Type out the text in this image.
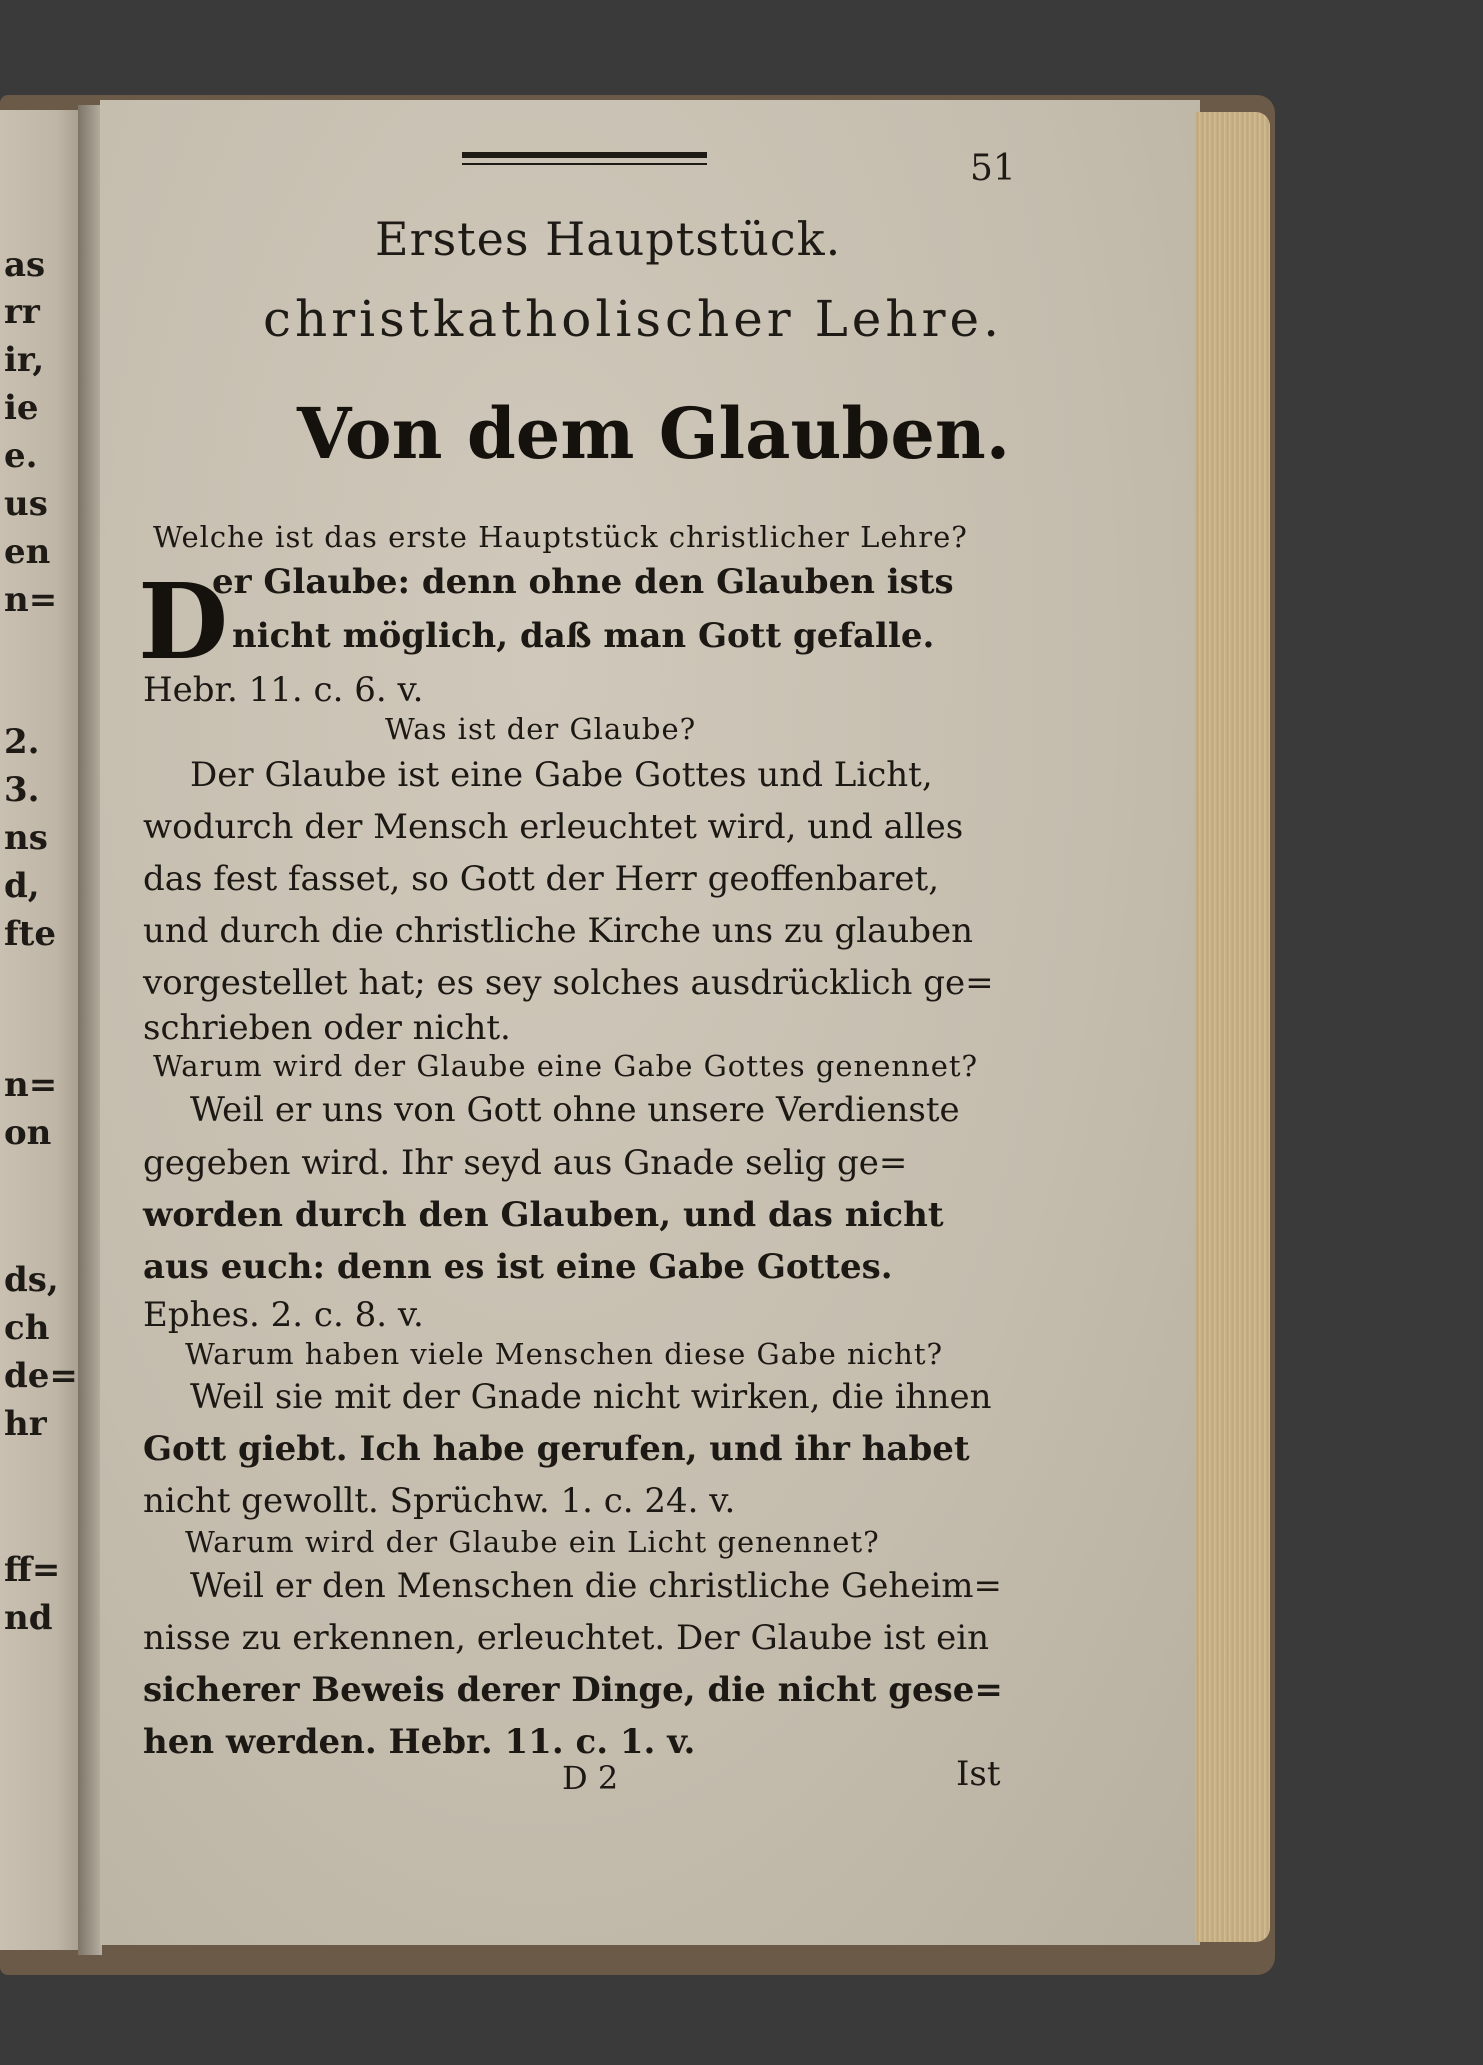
as
rr
ir,
ie
e.
us
en
n=
2.
3.
ns
d,
fte
n=
on
ds,
ch
de=
hr
ff=
nd
51
Erstes Hauptstück.
christkatholischer Lehre.
Von dem Glauben.
Welche ist das erste Hauptstück christlicher Lehre?
D
er Glaube: denn ohne den Glauben ists
nicht möglich, daß man Gott gefalle.
Hebr. 11. c. 6. v.
Was ist der Glaube?
Der Glaube ist eine Gabe Gottes und Licht,
wodurch der Mensch erleuchtet wird, und alles
das fest fasset, so Gott der Herr geoffenbaret,
und durch die christliche Kirche uns zu glauben
vorgestellet hat; es sey solches ausdrücklich ge=
schrieben oder nicht.
Warum wird der Glaube eine Gabe Gottes genennet?
Weil er uns von Gott ohne unsere Verdienste
gegeben wird. Ihr seyd aus Gnade selig ge=
worden durch den Glauben, und das nicht
aus euch: denn es ist eine Gabe Gottes.
Ephes. 2. c. 8. v.
Warum haben viele Menschen diese Gabe nicht?
Weil sie mit der Gnade nicht wirken, die ihnen
Gott giebt. Ich habe gerufen, und ihr habet
nicht gewollt. Sprüchw. 1. c. 24. v.
Warum wird der Glaube ein Licht genennet?
Weil er den Menschen die christliche Geheim=
nisse zu erkennen, erleuchtet. Der Glaube ist ein
sicherer Beweis derer Dinge, die nicht gese=
hen werden. Hebr. 11. c. 1. v.
D 2	Ist
